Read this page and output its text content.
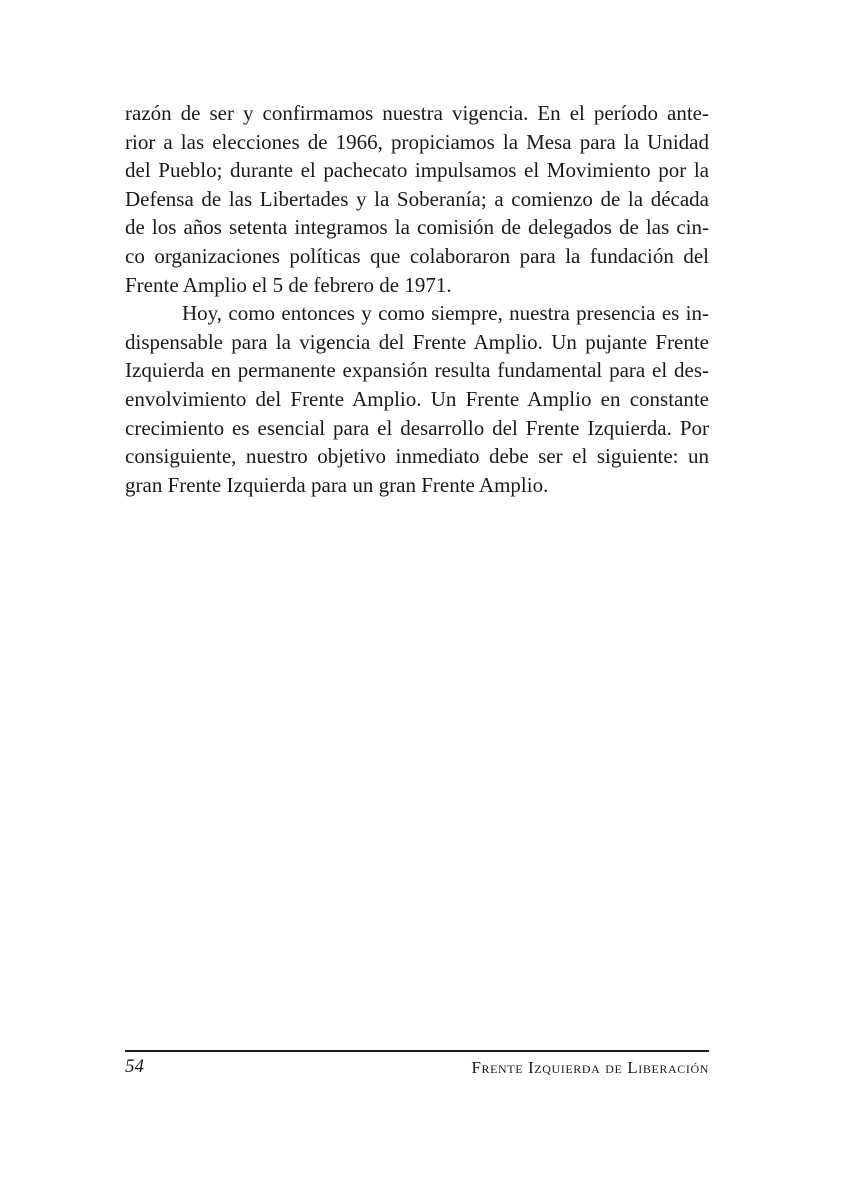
razón de ser y confirmamos nuestra vigencia. En el período ante-
rior a las elecciones de 1966, propiciamos la Mesa para la Unidad
del Pueblo; durante el pachecato impulsamos el Movimiento por la
Defensa de las Libertades y la Soberanía; a comienzo de la década
de los años setenta integramos la comisión de delegados de las cin-
co organizaciones políticas que colaboraron para la fundación del
Frente Amplio el 5 de febrero de 1971.
Hoy, como entonces y como siempre, nuestra presencia es in-
dispensable para la vigencia del Frente Amplio. Un pujante Frente
Izquierda en permanente expansión resulta fundamental para el des-
envolvimiento del Frente Amplio. Un Frente Amplio en constante
crecimiento es esencial para el desarrollo del Frente Izquierda. Por
consiguiente, nuestro objetivo inmediato debe ser el siguiente: un
gran Frente Izquierda para un gran Frente Amplio.
54	Frente Izquierda de Liberación
